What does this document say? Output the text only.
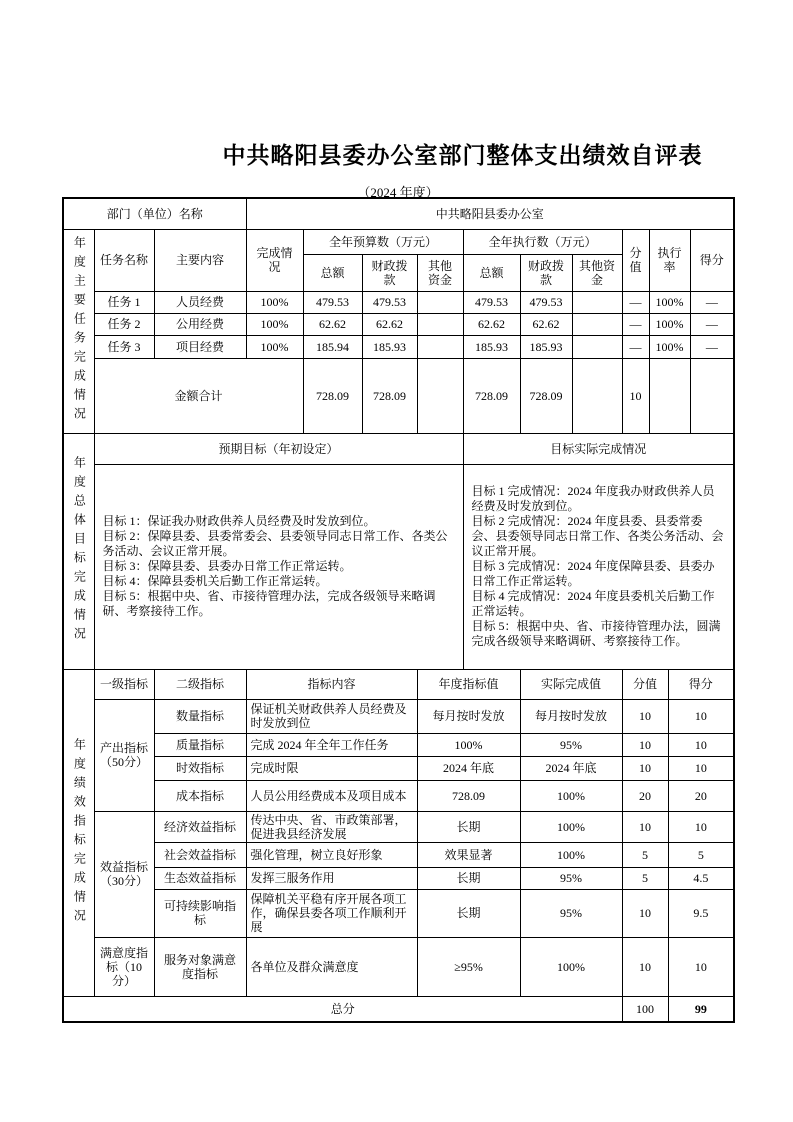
中共略阳县委办公室部门整体支出绩效自评表
（2024 年度）
部门（单位）名称			中共略阳县委办公室										

年度主要任务完成情况	任务名称	主要内容	完成情况	全年预算数（万元）			全年执行数（万元）			分值	执行率		得分
				总额	财政拨款	其他资金	总额	财政拨款	其他资金				
	任务 1	人员经费	100%	479.53	479.53		479.53	479.53		—	100%		—
	任务 2	公用经费	100%	62.62	62.62		62.62	62.62		—	100%		—
	任务 3	项目经费	100%	185.94	185.93		185.93	185.93		—	100%		—
	金额合计			728.09	728.09		728.09	728.09		10			

年度总体目标完成情况	预期目标（年初设定）						目标实际完成情况						

目标 1：保证我办财政供养人员经费及时发放到位。
目标 2：保障县委、县委常委会、县委领导同志日常工作、各类公务活动、会议正常开展。
目标 3：保障县委、县委办日常工作正常运转。
目标 4：保障县委机关后勤工作正常运转。
目标 5：根据中央、省、市接待管理办法，完成各级领导来略调研、考察接待工作。

目标 1 完成情况：2024 年度我办财政供养人员经费及时发放到位。
目标 2 完成情况：2024 年度县委、县委常委会、县委领导同志日常工作、各类公务活动、会议正常开展。
目标 3 完成情况：2024 年度保障县委、县委办日常工作正常运转。
目标 4 完成情况：2024 年度县委机关后勤工作正常运转。
目标 5：根据中央、省、市接待管理办法，圆满完成各级领导来略调研、考察接待工作。

年度绩效指标完成情况	一级指标	二级指标	指标内容			年度指标值		实际完成值		分值		得分	
	产出指标（50分）	数量指标	保证机关财政供养人员经费及时发放到位			每月按时发放		每月按时发放		10		10	
		质量指标	完成 2024 年全年工作任务			100%		95%		10		10	
		时效指标	完成时限			2024 年底		2024 年底		10		10	
		成本指标	人员公用经费成本及项目成本			728.09		100%		20		20	
	效益指标（30分）	经济效益指标	传达中央、省、市政策部署，促进我县经济发展			长期		100%		10		10	
		社会效益指标	强化管理，树立良好形象			效果显著		100%		5		5	
		生态效益指标	发挥三服务作用			长期		95%		5		4.5	
		可持续影响指标	保障机关平稳有序开展各项工作，确保县委各项工作顺利开展			长期		95%		10		9.5	
	满意度指标（10分）	服务对象满意度指标	各单位及群众满意度			≥95%		100%		10		10	
总分										100		99	
